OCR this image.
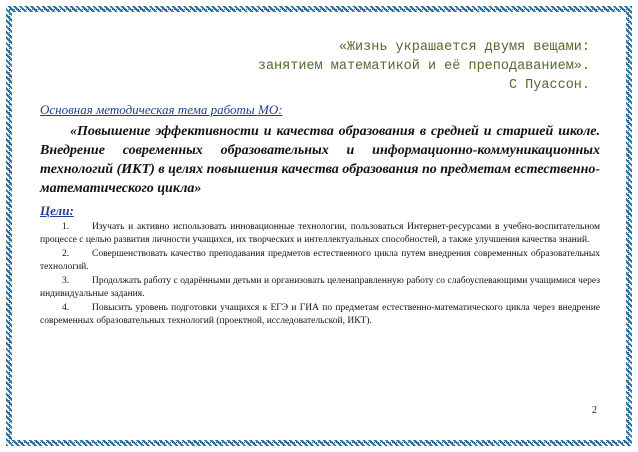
«Жизнь украшается двумя вещами:
занятием математикой и её преподаванием».
С Пуассон.
Основная методическая тема работы МО:
«Повышение эффективности и качества образования в средней и старшей школе. Внедрение современных образовательных и информационно-коммуникационных технологий (ИКТ) в целях повышения качества образования по предметам естественно-математического цикла»
Цели:
1. Изучать и активно использовать инновационные технологии, пользоваться Интернет-ресурсами в учебно-воспитательном процессе с целью развития личности учащихся, их творческих и интеллектуальных способностей, а также улучшения качества знаний.
2. Совершенствовать качество преподавания предметов естественного цикла путем внедрения современных образовательных технологий.
3. Продолжать работу с одарёнными детьми и организовать целенаправленную работу со слабоуспевающими учащимися через индивидуальные задания.
4. Повысить уровень подготовки учащихся к ЕГЭ и ГИА по предметам естественно-математического цикла через внедрение современных образовательных технологий (проектной, исследовательской, ИКТ).
2
